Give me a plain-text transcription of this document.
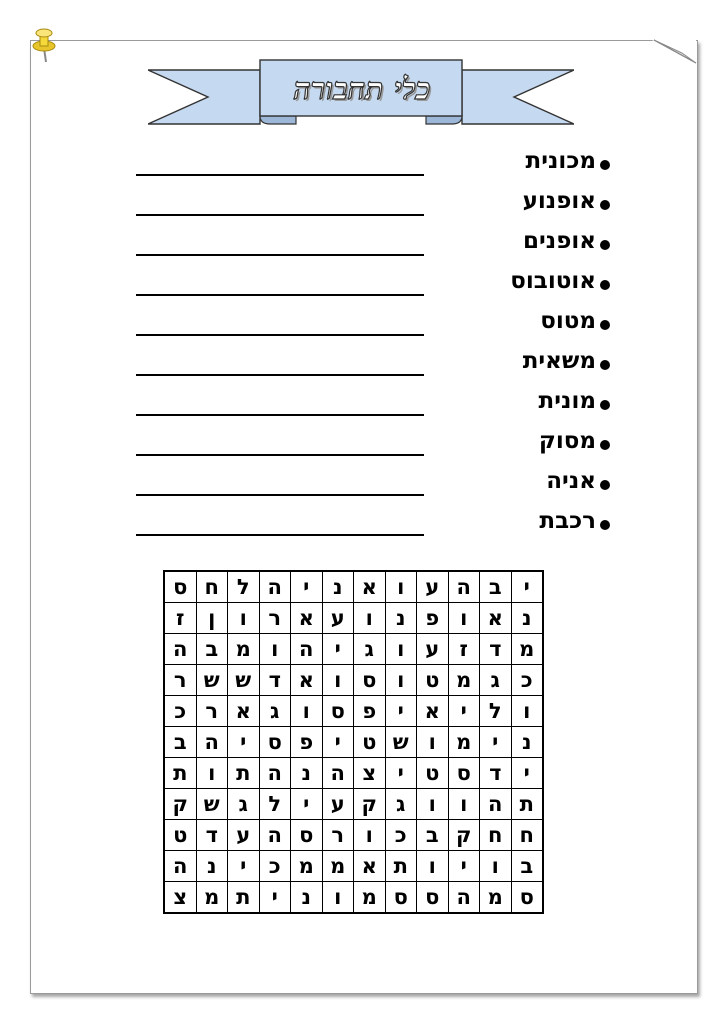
כלי תחבורה
מכונית
אופנוע
אופנים
אוטובוס
מטוס
משאית
מונית
מסוק
אניה
רכבת
י	ב	ה	ע	ו	א	נ	י	ה	ל	ח	ס
נ	א	ו	פ	נ	ו	ע	א	ר	ו	ן	ז
מ	ד	ז	ע	ו	ג	י	ה	ו	מ	ב	ה
כ	ג	מ	ט	ו	ס	ו	א	ד	ש	ש	ר
ו	ל	י	א	י	פ	ס	ו	ג	א	ר	כ
נ	י	מ	ו	ש	ט	י	פ	ס	י	ה	ב
י	ד	ס	ט	י	צ	ה	נ	ה	ת	ו	ת
ת	ה	ו	ו	ג	ק	ע	י	ל	ג	ש	ק
ח	ח	ק	ב	כ	ו	ר	ס	ה	ע	ד	ט
ב	ו	י	ו	ת	א	מ	מ	כ	י	נ	ה
ס	מ	ה	ס	ס	מ	ו	נ	י	ת	מ	צ
